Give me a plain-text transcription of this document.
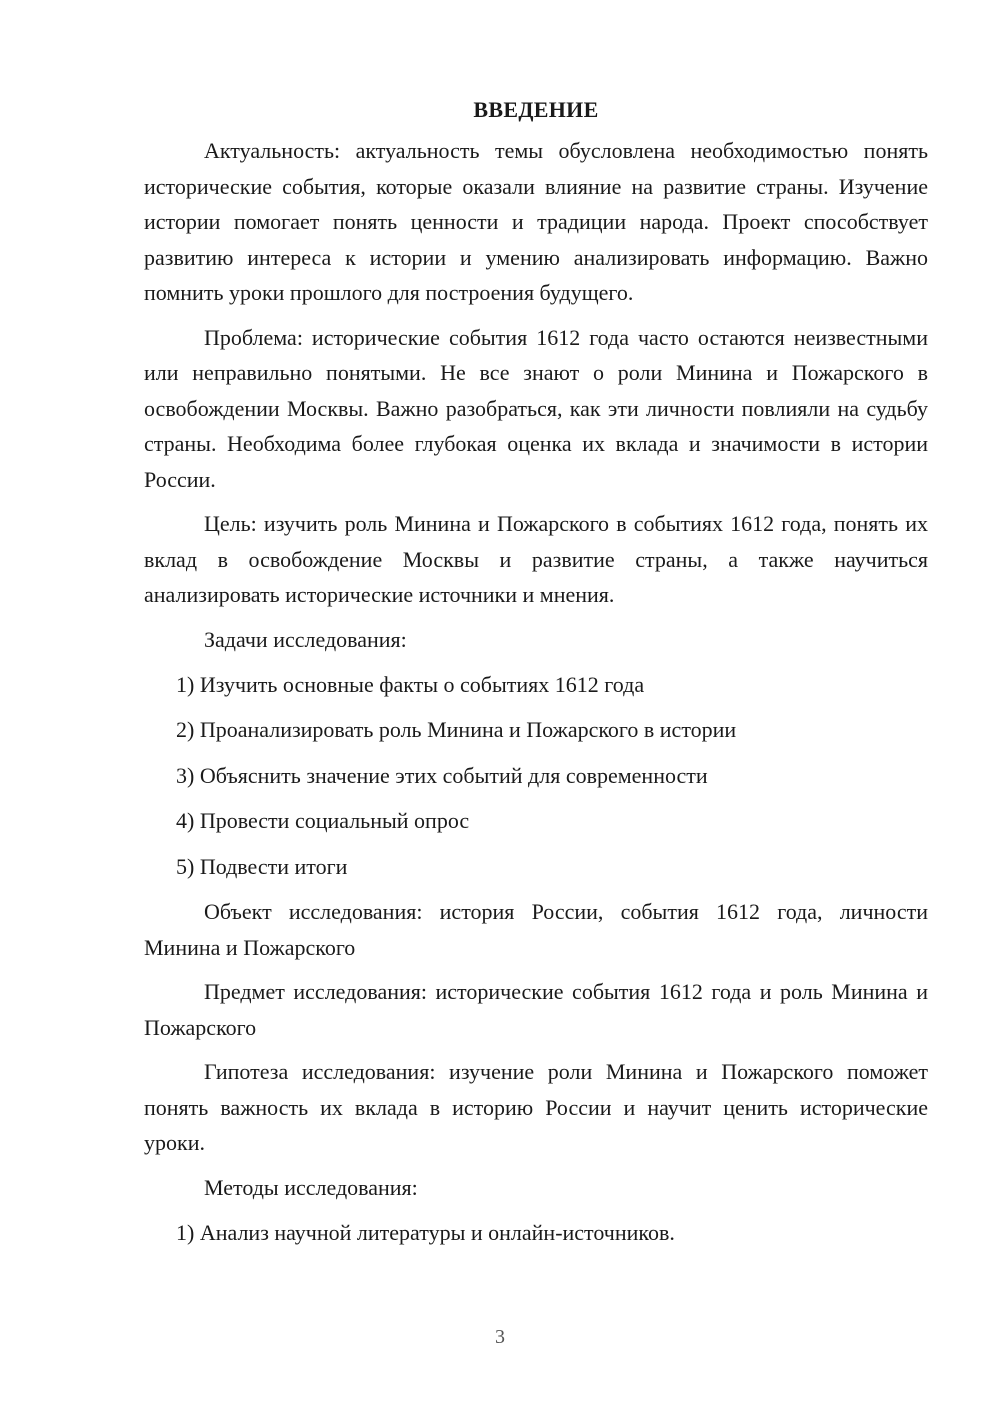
ВВЕДЕНИЕ

Актуальность: актуальность темы обусловлена необходимостью понять исторические события, которые оказали влияние на развитие страны. Изучение истории помогает понять ценности и традиции народа. Проект способствует развитию интереса к истории и умению анализировать информацию. Важно помнить уроки прошлого для построения будущего.

Проблема: исторические события 1612 года часто остаются неизвестными или неправильно понятыми. Не все знают о роли Минина и Пожарского в освобождении Москвы. Важно разобраться, как эти личности повлияли на судьбу страны. Необходима более глубокая оценка их вклада и значимости в истории России.

Цель: изучить роль Минина и Пожарского в событиях 1612 года, понять их вклад в освобождение Москвы и развитие страны, а также научиться анализировать исторические источники и мнения.

Задачи исследования:
1) Изучить основные факты о событиях 1612 года
2) Проанализировать роль Минина и Пожарского в истории
3) Объяснить значение этих событий для современности
4) Провести социальный опрос
5) Подвести итоги

Объект исследования: история России, события 1612 года, личности Минина и Пожарского

Предмет исследования: исторические события 1612 года и роль Минина и Пожарского

Гипотеза исследования: изучение роли Минина и Пожарского поможет понять важность их вклада в историю России и научит ценить исторические уроки.

Методы исследования:
1) Анализ научной литературы и онлайн-источников.
3
